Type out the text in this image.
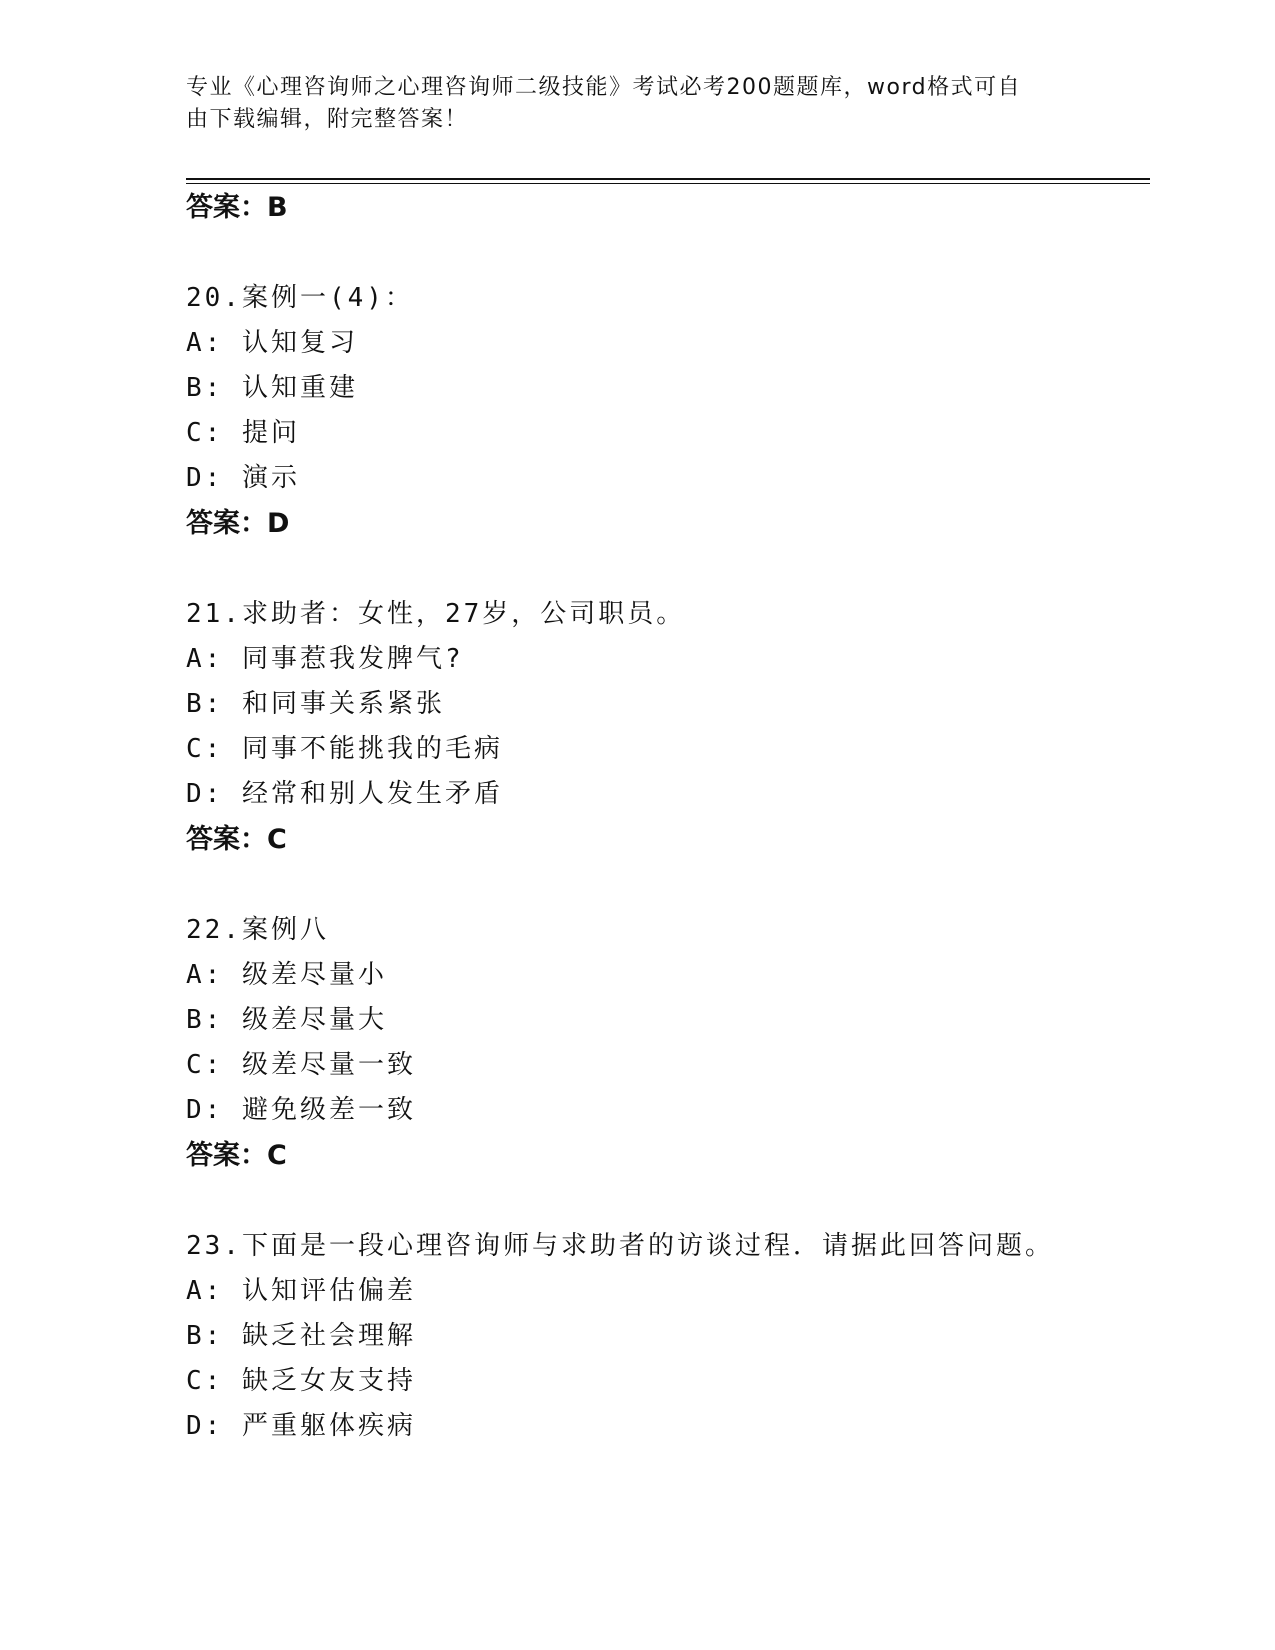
专业《心理咨询师之心理咨询师二级技能》考试必考200题题库，word格式可自
由下载编辑，附完整答案！
答案：B
20.案例一(4)：
A: 认知复习
B: 认知重建
C: 提问
D: 演示
答案：D
21.求助者：女性，27岁，公司职员。
A: 同事惹我发脾气?
B: 和同事关系紧张
C: 同事不能挑我的毛病
D: 经常和别人发生矛盾
答案：C
22.案例八
A: 级差尽量小
B: 级差尽量大
C: 级差尽量一致
D: 避免级差一致
答案：C
23.下面是一段心理咨询师与求助者的访谈过程．请据此回答问题。
A: 认知评估偏差
B: 缺乏社会理解
C: 缺乏女友支持
D: 严重躯体疾病
